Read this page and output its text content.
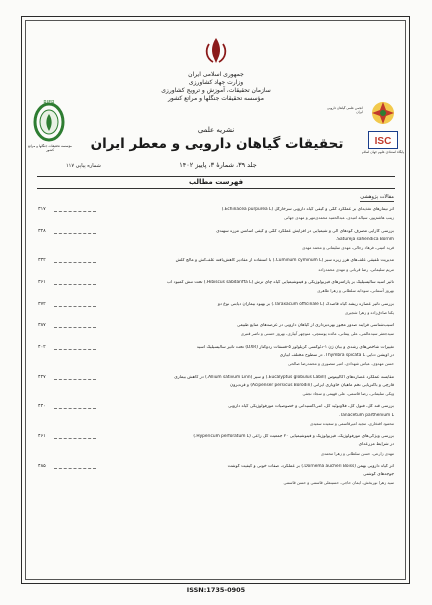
جمهوری اسلامی ایران
وزارت جهاد کشاورزی
سازمان تحقیقات، آموزش و ترویج کشاورزی
مؤسسه تحقیقات جنگلها و مراتع کشور
RIFR
مؤسسه تحقیقات جنگلها و مراتع کشور
انجمن علمی گیاهان دارویی ایران
ISC
پایگاه استنادی علوم جهان اسلام
نشریه علمی
تحقیقات گیاهان دارویی و معطر ایران
جلد ۳۹، شمارۀ ۳، پاییز ۱۴۰۲
شماره پیاپی ۱۱۷
فهرست مطالب
مقالات پژوهشی
۳۱۷	اثر تیمارهای تغذیه‌ای بر عملکرد کمّی و کیفی گیاه دارویی سرخارگل (Echinacea purpurea L.)
زینب هاشم‌پور، سیاله امیدی، عبدالحمید محمدی‌مهر و مهدی جهانی
۳۲۸	بررسی کارایی مصرف کودهای آلی و شیمیایی در افزایش عملکرد کمّی و کیفی اسانس مرزه سهندی
Satureja sahendica Bornm.
فرید امینی، فرهاد رجالی، مهدی سلیمانی و محمد مهدی
۳۴۲	مدیریت تلفیقی علف‌های هرز زیره سبز (Cuminum cyminum L.) با استفاده از مقادیر کاهش‌یافته علف‌کش و مالچ کلش
مریم سلیمانی، رضا قربانی و مهدی محمدزاده
۳۶۱	تأثیر اسید سالیسیلیک بر پارامترهای فیزیولوژیکی و فیتوشیمیایی گیاه چای ترش (Hibiscus sabdariffa L.) تحت تنش کمبود آب
بهروز آسمانی، سودابه سلطانی و زهرا طاهری
۳۷۲	بررسی تأثیر عصاره ریشه گیاه قاصدک (Taraxacum officinale L.) بر بهبود بیماران دیابتی نوع دو
یکتا صادق‌زاده و زهرا شجیری
۳۸۷	آسیب‌شناسی فرایند صدور مجوز بهره‌برداری از گیاهان دارویی در عرصه‌های منابع طبیعی
سیدجعفر سیدعالمی، علی پیمانی، مائده پوستچی، منوچهر آبیاری، بهروز حسنی و ناصر قنبری
۴۰۲	تغییرات شاخص‌های رشدی و بیان ژن ۱-دئوکسی گزیلولوز ۵-فسفات ردوکتاز (DXR) تحت تأثیر سالیسیلیک اسید
در آویشن دنایی Thymbra spicata L. در سطوح مختلف آبیاری
حسن مهدوی، عباس شهدادی، امیر منصوری و محمدرضا صالحی
۴۲۷	مقایسه عملکرد عصاره‌های اکالیپتوس (Eucalyptus globulus Labill.) و سیر (Allium sativum Linn.) در کاهش بیماری
قارچی و باکتریایی تخم ماهیان خاویاری ایرانی (Acipenser persicus Borodin) و قره‌برون
ویکی سلیمانی، رضا قاسمی، علی فهیمی و سجاد نجفی
۴۴۰	بررسی قند کل، فنول کل، فلاونوئید کل، آنتی‌اکسیدانی و خصوصیات مورفولوژیکی گیاه دارویی
Tanacetum parthenium L.
محمود افتخاری، مجید امیرقاسمی و سعیده سعیدی
۴۶۱	بررسی ویژگی‌های مورفولوژیک، فیزیولوژیک و فیتوشیمیایی ۲۰ جمعیت گل راعی (Hypericum perforatum L.)
در شرایط مزرعه‌ای
مهدی زارعی، حسن سلطانی و زهرا محمدی
۴۸۵	اثر گیاه دارویی بهمن (Dornema aucheri Boiss.) بر عملکرد، صفات خونی و کیفیت گوشت
جوجه‌های گوشتی
سید زهرا نوربخش، ایمان حاجی، حسینعلی قاسمی و حسن قاسمی
ISSN:1735-0905
